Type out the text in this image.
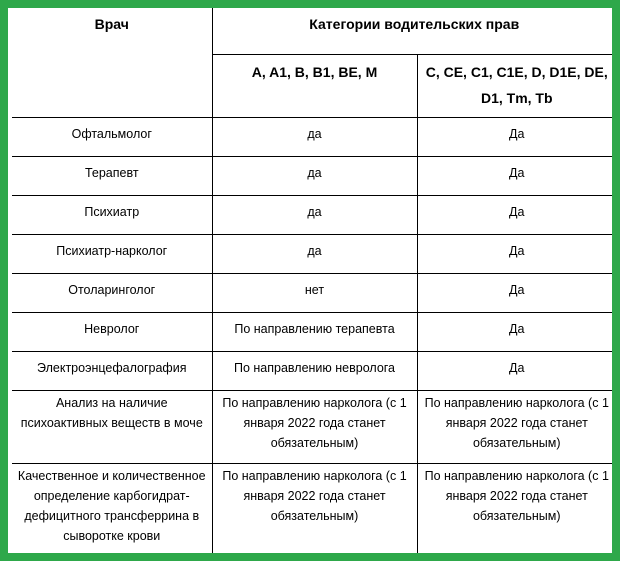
Врач	Категории водительских прав	
	A, A1, B, B1, BE, M	C, CE, C1, C1E, D, D1E, DE, D1, Tm, Tb
Офтальмолог	да	Да
Терапевт	да	Да
Психиатр	да	Да
Психиатр-нарколог	да	Да
Отоларинголог	нет	Да
Невролог	По направлению терапевта	Да
Электроэнцефалография	По направлению невролога	Да
Анализ на наличие психоактивных веществ в моче	По направлению нарколога (с 1 января 2022 года станет обязательным)	По направлению нарколога (с 1 января 2022 года станет обязательным)
Качественное и количественное определение карбогидрат-дефицитного трансферрина в сыворотке крови	По направлению нарколога (с 1 января 2022 года станет обязательным)	По направлению нарколога (с 1 января 2022 года станет обязательным)
